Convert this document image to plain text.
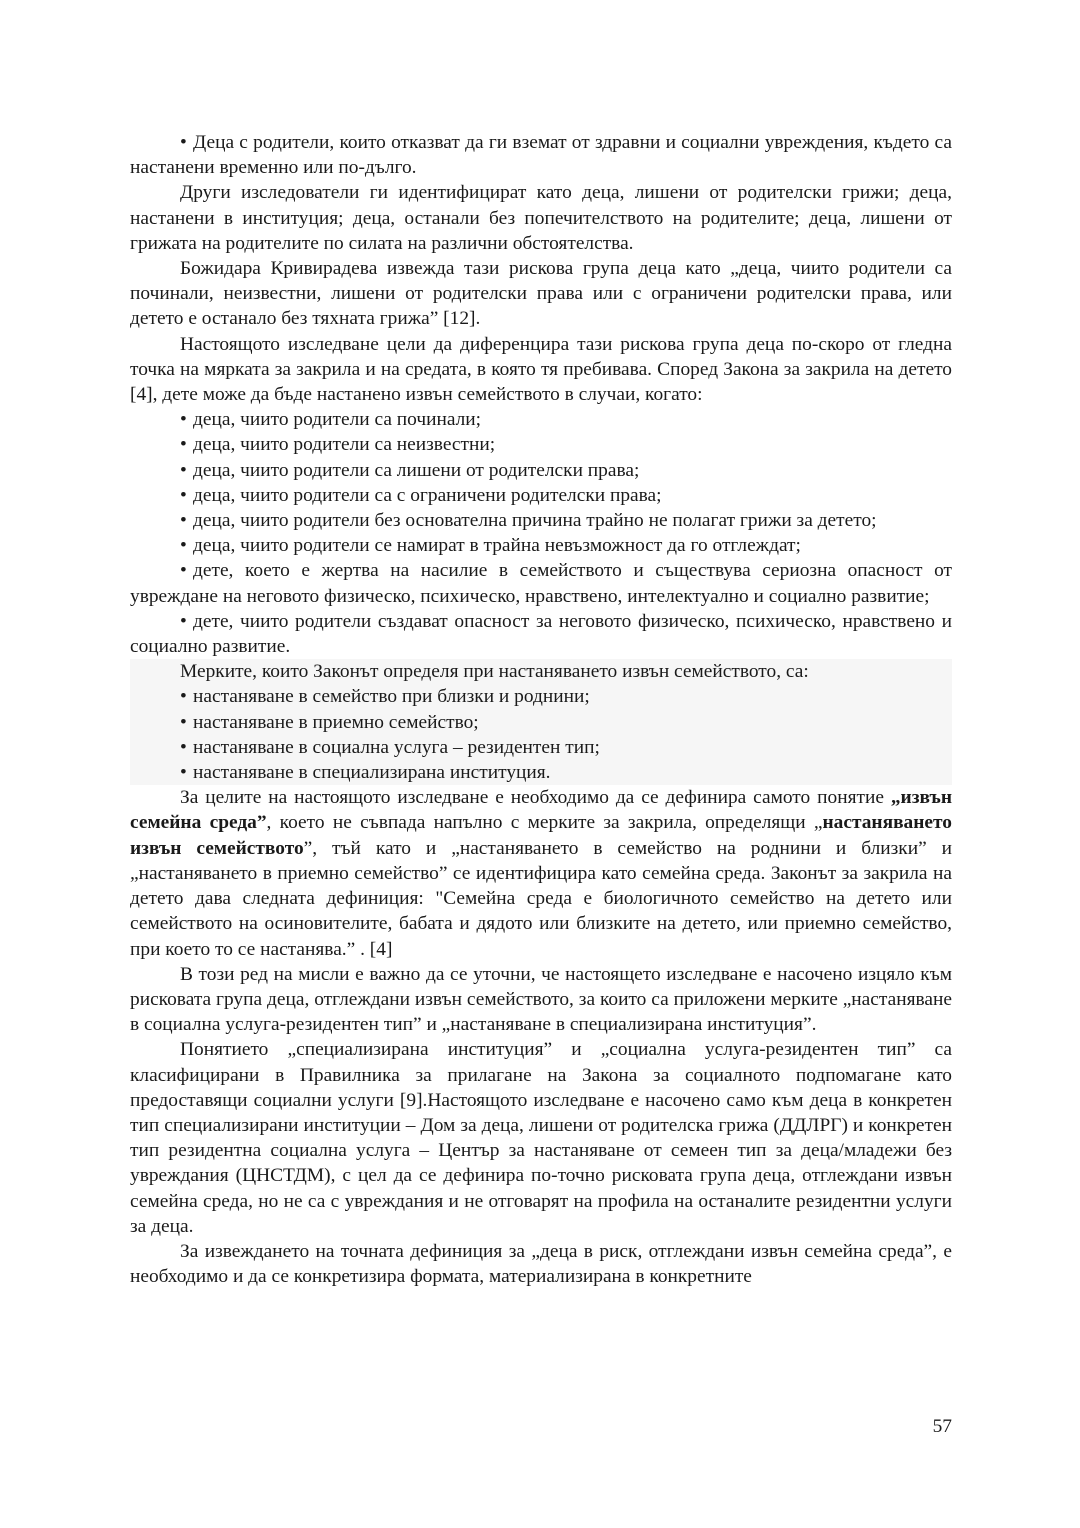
• Деца с родители, които отказват да ги вземат от здравни и социални увреждения, където са настанени временно или по-дълго.

Други изследователи ги идентифицират като деца, лишени от родителски грижи; деца, настанени в институция; деца, останали без попечителството на родителите; деца, лишени от грижата на родителите по силата на различни обстоятелства.

Божидара Кривирадева извежда тази рискова група деца като „деца, чиито родители са починали, неизвестни, лишени от родителски права или с ограничени родителски права, или детето е останало без тяхната грижа” [12].

Настоящото изследване цели да диференцира тази рискова група деца по-скоро от гледна точка на мярката за закрила и на средата, в която тя пребивава. Според Закона за закрила на детето [4], дете може да бъде настанено извън семейството в случаи, когато:

• деца, чиито родители са починали;

• деца, чиито родители са неизвестни;

• деца, чиито родители са лишени от родителски права;

• деца, чиито родители са с ограничени родителски права;

• деца, чиито родители без основателна причина трайно не полагат грижи за детето;

• деца, чиито родители се намират в трайна невъзможност да го отглеждат;

• дете, което е жертва на насилие в семейството и съществува сериозна опасност от увреждане на неговото физическо, психическо, нравствено, интелектуално и социално развитие;

• дете, чиито родители създават опасност за неговото физическо, психическо, нравствено и социално развитие.

Мерките, които Законът определя при настаняването извън семейството, са:

• настаняване в семейство при близки и роднини;

• настаняване в приемно семейство;

• настаняване в социална услуга – резидентен тип;

• настаняване в специализирана институция.

За целите на настоящото изследване е необходимо да се дефинира самото понятие „извън семейна среда”, което не съвпада напълно с мерките за закрила, определящи „настаняването извън семейството”, тъй като и „настаняването в семейство на роднини и близки” и „настаняването в приемно семейство” се идентифицира като семейна среда. Законът за закрила на детето дава следната дефиниция: "Семейна среда е биологичното семейство на детето или семейството на осиновителите, бабата и дядото или близките на детето, или приемно семейство, при което то се настанява.” . [4]

В този ред на мисли е важно да се уточни, че настоящето изследване е насочено изцяло към рисковата група деца, отглеждани извън семейството, за които са приложени мерките „настаняване в социална услуга-резидентен тип” и „настаняване в специализирана институция”.

Понятието „специализирана институция” и „социална услуга-резидентен тип” са класифицирани в Правилника за прилагане на Закона за социалното подпомагане като предоставящи социални услуги [9].Настоящото изследване е насочено само към деца в конкретен тип специализирани институции – Дом за деца, лишени от родителска грижа (ДДЛРГ) и конкретен тип резидентна социална услуга – Център за настаняване от семеен тип за деца/младежи без увреждания (ЦНСТДМ), с цел да се дефинира по-точно рисковата група деца, отглеждани извън семейна среда, но не са с увреждания и не отговарят на профила на останалите резидентни услуги за деца.

За извеждането на точната дефиниция за „деца в риск, отглеждани извън семейна среда”, е необходимо и да се конкретизира формата, материализирана в конкретните

57
